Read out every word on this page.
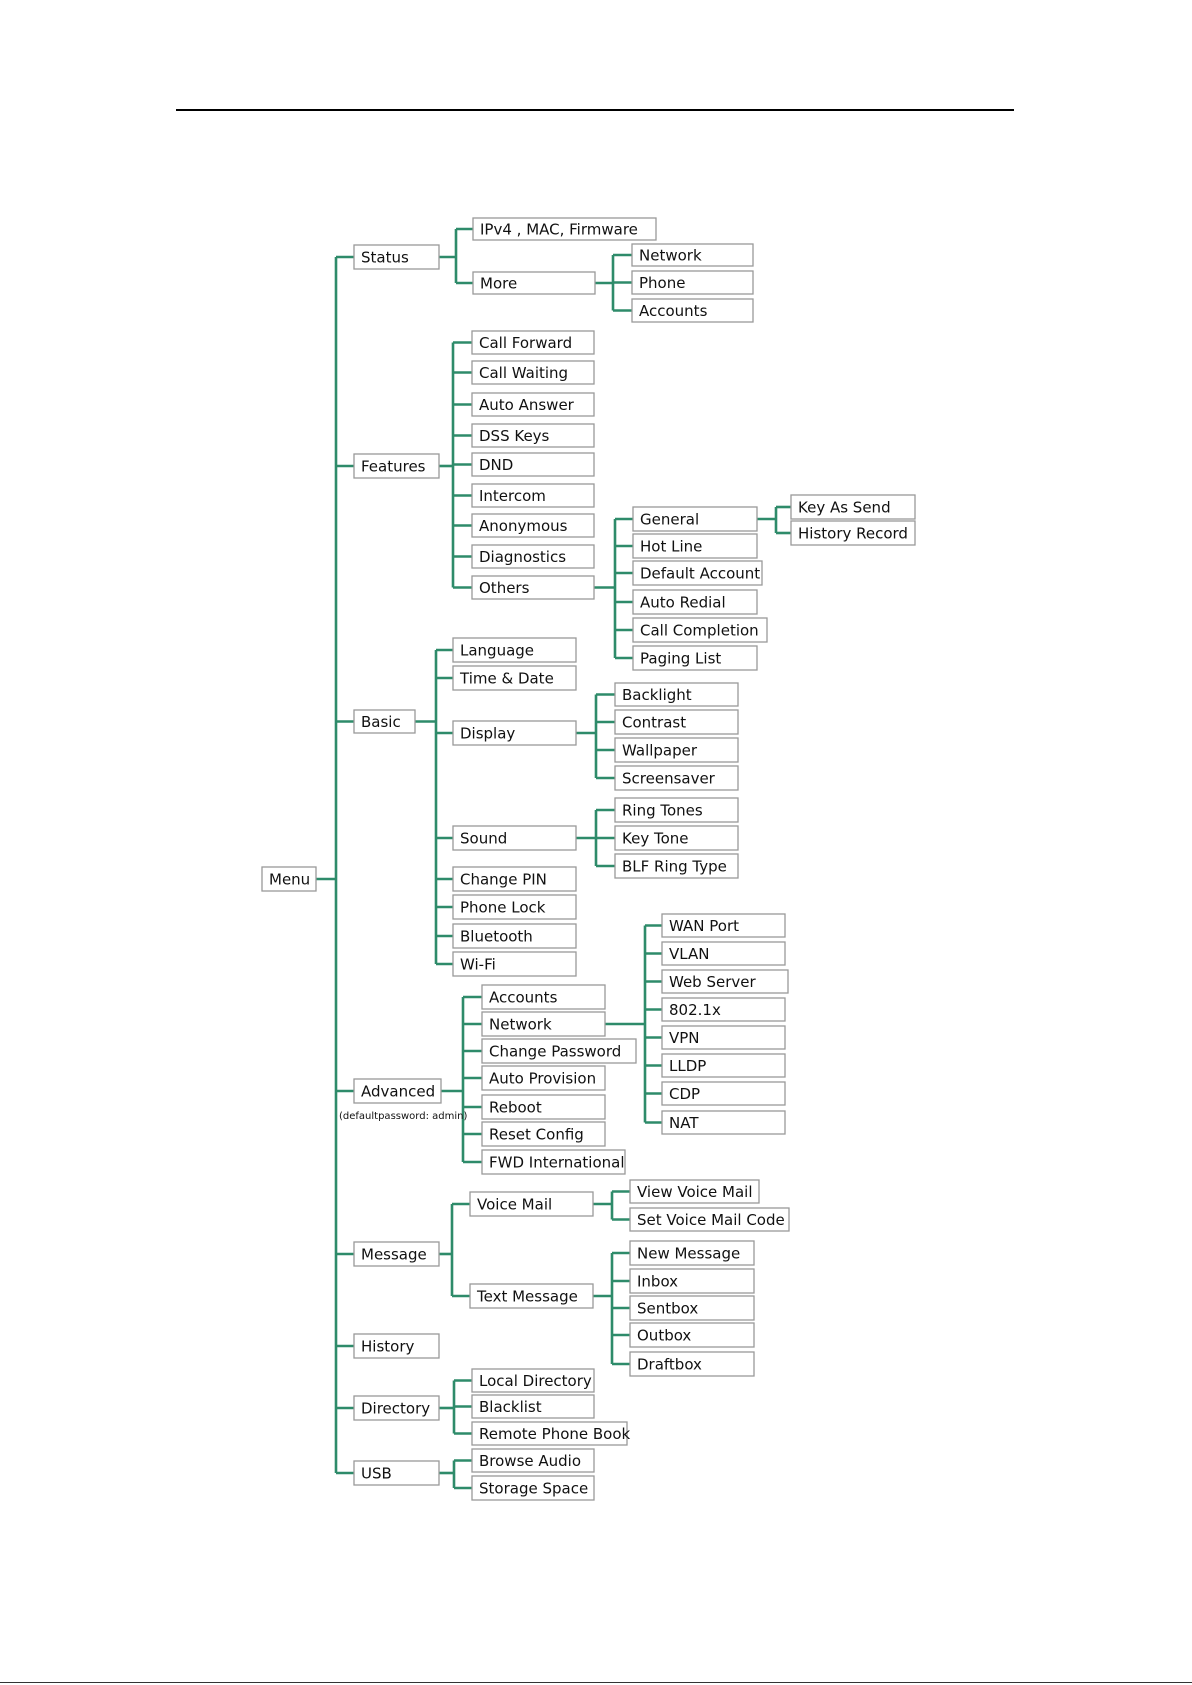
Menu
Status
Features
Basic
Advanced
Message
History
Directory
USB
IPv4 , MAC, Firmware
More
Network
Phone
Accounts
Call Forward
Call Waiting
Auto Answer
DSS Keys
DND
Intercom
Anonymous
Diagnostics
Others
General
Hot Line
Default Account
Auto Redial
Call Completion
Paging List
Key As Send
History Record
Language
Time & Date
Display
Sound
Change PIN
Phone Lock
Bluetooth
Wi-Fi
Backlight
Contrast
Wallpaper
Screensaver
Ring Tones
Key Tone
BLF Ring Type
Accounts
Network
Change Password
Auto Provision
Reboot
Reset Config
FWD International
WAN Port
VLAN
Web Server
802.1x
VPN
LLDP
CDP
NAT
Voice Mail
Text Message
View Voice Mail
Set Voice Mail Code
New Message
Inbox
Sentbox
Outbox
Draftbox
Local Directory
Blacklist
Remote Phone Book
Browse Audio
Storage Space
(defaultpassword: admin)
